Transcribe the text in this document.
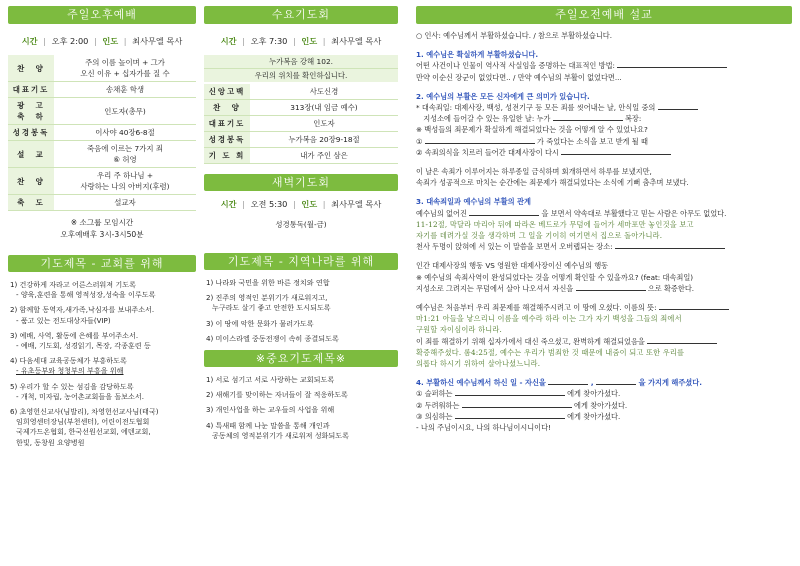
주일오후예배
시간 | 오후 2:00 | 인도 | 최사무엘 목사
찬　양	주의 이름 높이며 + 그가
오신 이유 + 십자가를 질 수
대표기도	송채훈 학생
광　고
축　하	인도자(총무)
성경봉독	이사야 40장6-8절
설　교	죽음에 이르는 7가지 죄
⑥ 허영
찬　양	우리 주 하나님 +
사랑하는 나의 아버지(후렴)
축　도	설교자
※ 소그룹 모임시간
오후예배후 3시-3시50분
기도제목 - 교회를 위해
1) 건강하게 자라고 어른스러워져 기도록
- 양육,훈련을 통해 영적성장,성숙을 이루도록
2) 함께할 동역자,새가족,낙심자를 보내주소서.
- 품고 있는 전도대상자들(VIP)
3) 예배, 사역, 활동에 은혜를 부어주소서.
- 예배, 기도회, 성경읽기, 목장, 각종훈련 등
4) 다음세대 교육공동체가 부흥하도록
- 유초등부와 청청부의 부흥을 위해
5) 우리가 할 수 있는 섬김을 감당하도록
- 개척, 미자립, 농어촌교회들을 돌보소서.
6) 초영헌신교사(님발리), 차영헌선교사님(태국)
임희영센터장님(부천센터), 어린이전도협회
국제가드온협회, 한국선원선교회, 에덴교회,
한빛, 동창원 요양병원
수요기도회
시간 | 오후 7:30 | 인도 | 최사무엘 목사
누가복음 강해 102.
우리의 위치를 확인하십니다.
신앙고백	사도신경
찬　양	313장(내 임금 예수)
대표기도	인도자
성경봉독	누가복음 20장9-18절
기 도 회	내가 주인 삼은
새벽기도회
시간 | 오전 5:30 | 인도 | 최사무엘 목사
성경통독(월-금)
기도제목 - 지역나라를 위해
1) 나라와 국민을 위한 바른 정치와 연합
2) 진주의 영적인 분위기가 새로워지고,
누구라도 살기 좋고 안전한 도시되도록
3) 이 땅에 악한 문화가 물러가도록
4) 미이스라엘 중동전쟁이 속히 종결되도록
※중요기도제목※
1) 서로 섬기고 서로 사랑하는 교회되도록
2) 새해기를 맞이하는 자녀들이 잘 적응하도록
3) 개인사업을 하는 교우들의 사업을 위해
4) 특새때 함께 나눈 말씀을 통해 개인과
공동체의 영적분위기가 새로워져 성화되도록
주일오전예배 설교

○ 인사: 예수님께서 부활하셨습니다. / 참으로 부활하셨습니다.

1. 예수님은 확실하게 부활하셨습니다.

어떤 사건이나 인물이 역사적 사실임을 증명하는 대표적인 방법:

만약 이순신 장군이 없었다면.. / 만약 예수님의 부활이 없었다면...

2. 예수님의 부활은 모든 신자에게 큰 의미가 있습니다.

* 대속죄일: 대제사장, 백성, 성전기구 등 모든 죄를 씻어내는 날, 안식일 중의

　지성소에 들어갈 수 있는 유일한 날: 누가	복장:

※ 백성들의 죄문제가 확실하게 해결되었다는 것을 어떻게 알 수 있었나요?

①	가 죽었다는 소식을 보고 받게 될 때

② 속죄의식을 치르러 들어간 대제사장이 다시

이 날은 속죄가 이루어지는 하루종일 금식하며 회개하면서 하루를 보냈지만,

속죄가 성공적으로 마치는 순간에는 죄문제가 해결되었다는 소식에 기뻐 춤추며 보냈다.

3. 대속죄일과 예수님의 부활의 관계

예수님의 없어진	을 보면서 약속대로 부활했다고 믿는 사람은 아무도 없었다.

11-12절, 막달라 마리아 뒤에 따라온 베드로가 무덤에 들어가 세마포만 놓인것을 보고

자기를 데려가실 것을 생각하며 그 일을 기이히 여기면서 집으로 돌아가니라.

천사 두명이 앉혀에 서 있는 이 말씀을 보면서 오버랩되는 장소:

인간 대제사장의 행동 VS 영원한 대제사장이신 예수님의 행동

※ 예수님의 속죄사역이 완성되었다는 것을 어떻게 확인할 수 있을까요? (feat: 대속죄일)

지성소로 그려지는 무덤에서 살아 나오셔서 자신을	으로 확증한다.

예수님은 처음부터 우리 죄문제를 해결해주시려고 이 땅에 오셨다. 이름의 뜻:

마1:21 아들을 낳으리니 이름을 예수라 하라 이는 그가 자기 백성을 그들의 죄에서

구원할 자이심이라 하니라.

이 죄를 해결하기 위해 십자가에서 대신 죽으셨고, 완벽하게 해결되었음을

확증해주셨다. 롬4:25절, 예수는 우리가 범죄한 것 때문에 내줌이 되고 또한 우리를

의롭다 하시기 위하여 살아나셨느니라.

4. 부활하신 예수님께서 하신 일 - 자신을	,	을 가지게 해주셨다.

① 슬퍼하는	에게 찾아가셨다.

② 두려워하는	에게 찾아가셨다.

③ 의심하는	에게 찾아가셨다.

- 나의 주님이시요, 나의 하나님이시니이다!
